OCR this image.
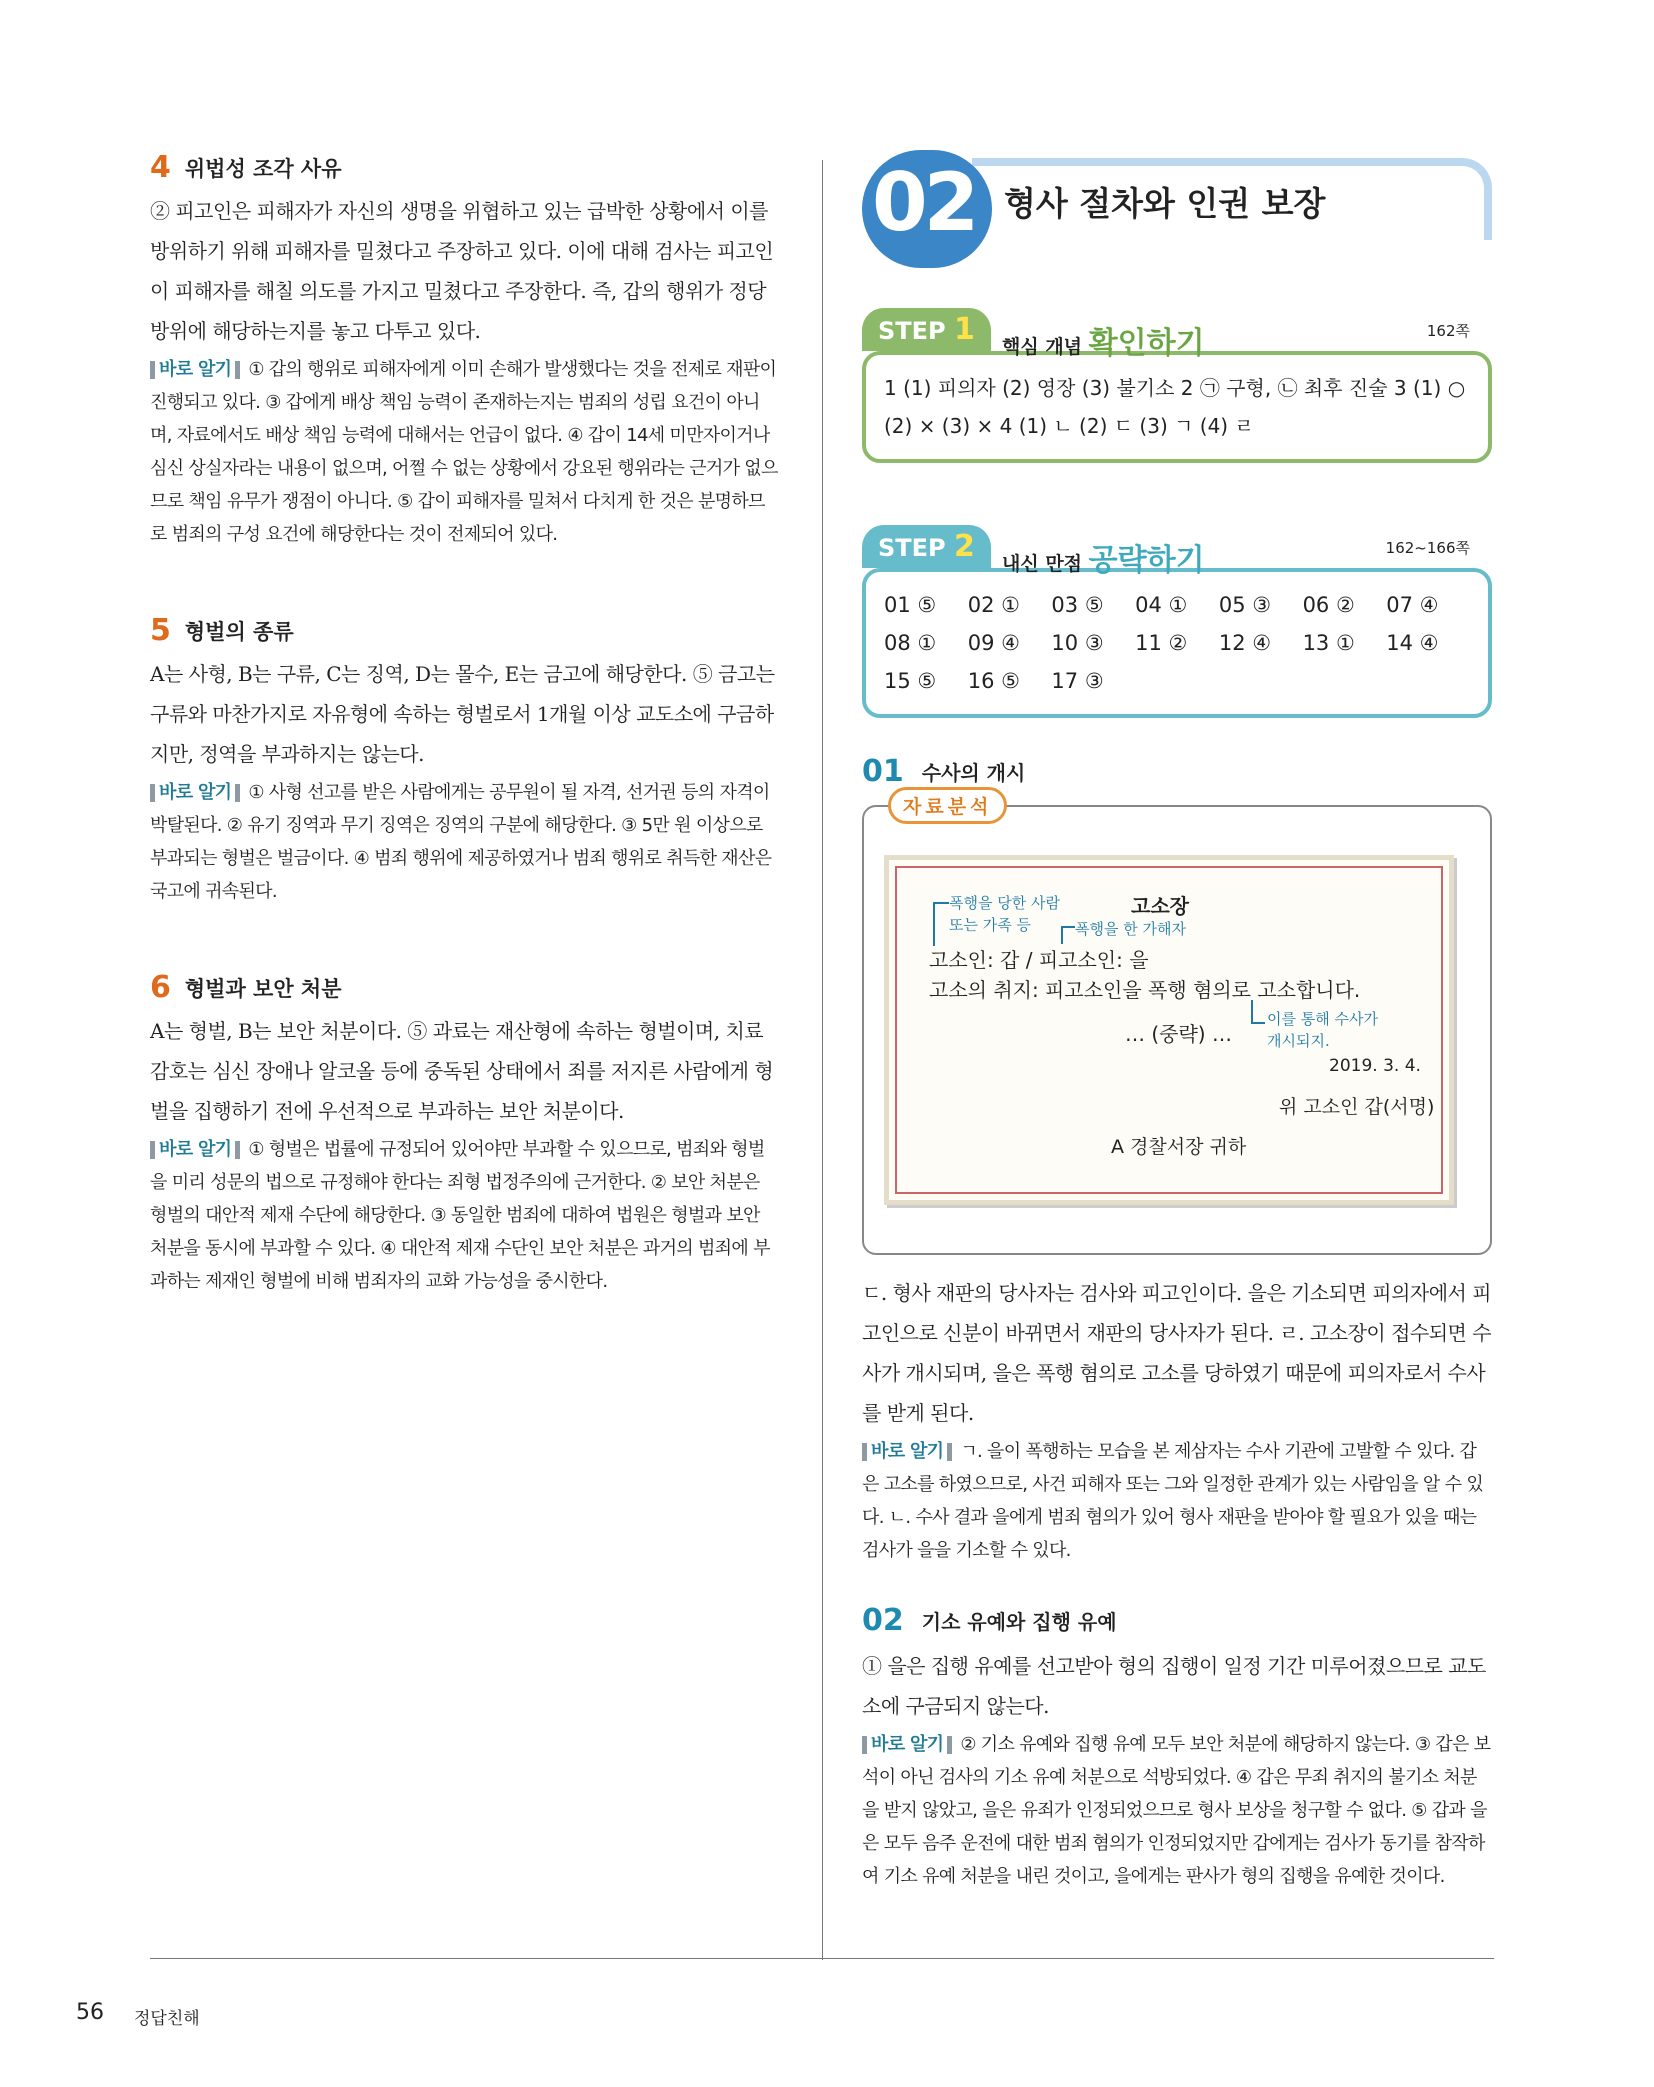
4 위법성 조각 사유

② 피고인은 피해자가 자신의 생명을 위협하고 있는 급박한 상황에서 이를 방위하기 위해 피해자를 밀쳤다고 주장하고 있다. 이에 대해 검사는 피고인이 피해자를 해칠 의도를 가지고 밀쳤다고 주장한다. 즉, 갑의 행위가 정당방위에 해당하는지를 놓고 다투고 있다.

바로 알기 ① 갑의 행위로 피해자에게 이미 손해가 발생했다는 것을 전제로 재판이 진행되고 있다. ③ 갑에게 배상 책임 능력이 존재하는지는 범죄의 성립 요건이 아니며, 자료에서도 배상 책임 능력에 대해서는 언급이 없다. ④ 갑이 14세 미만자이거나 심신 상실자라는 내용이 없으며, 어쩔 수 없는 상황에서 강요된 행위라는 근거가 없으므로 책임 유무가 쟁점이 아니다. ⑤ 갑이 피해자를 밀쳐서 다치게 한 것은 분명하므로 범죄의 구성 요건에 해당한다는 것이 전제되어 있다.

5 형벌의 종류

A는 사형, B는 구류, C는 징역, D는 몰수, E는 금고에 해당한다. ⑤ 금고는 구류와 마찬가지로 자유형에 속하는 형벌로서 1개월 이상 교도소에 구금하지만, 정역을 부과하지는 않는다.

바로 알기 ① 사형 선고를 받은 사람에게는 공무원이 될 자격, 선거권 등의 자격이 박탈된다. ② 유기 징역과 무기 징역은 징역의 구분에 해당한다. ③ 5만 원 이상으로 부과되는 형벌은 벌금이다. ④ 범죄 행위에 제공하였거나 범죄 행위로 취득한 재산은 국고에 귀속된다.

6 형벌과 보안 처분

A는 형벌, B는 보안 처분이다. ⑤ 과료는 재산형에 속하는 형벌이며, 치료 감호는 심신 장애나 알코올 등에 중독된 상태에서 죄를 저지른 사람에게 형벌을 집행하기 전에 우선적으로 부과하는 보안 처분이다.

바로 알기 ① 형벌은 법률에 규정되어 있어야만 부과할 수 있으므로, 범죄와 형벌을 미리 성문의 법으로 규정해야 한다는 죄형 법정주의에 근거한다. ② 보안 처분은 형벌의 대안적 제재 수단에 해당한다. ③ 동일한 범죄에 대하여 법원은 형벌과 보안 처분을 동시에 부과할 수 있다. ④ 대안적 제재 수단인 보안 처분은 과거의 범죄에 부과하는 제재인 형벌에 비해 범죄자의 교화 가능성을 중시한다.

02 형사 절차와 인권 보장
STEP 1 핵심 개념 확인하기	162쪽
1 (1) 피의자 (2) 영장 (3) 불기소 2 ㉠ 구형, ㉡ 최후 진술 3 (1) ○
(2) × (3) × 4 (1) ㄴ (2) ㄷ (3) ㄱ (4) ㄹ
STEP 2 내신 만점 공략하기	162~166쪽
01 ⑤	02 ①	03 ⑤	04 ①	05 ③	06 ②	07 ④
08 ①	09 ④	10 ③	11 ②	12 ④	13 ①	14 ④
15 ⑤	16 ⑤	17 ③
01 수사의 개시
자료분석
폭행을 당한 사람
또는 가족 등
고소장
폭행을 한 가해자
고소인: 갑 / 피고소인: 을
고소의 취지: 피고소인을 폭행 혐의로 고소합니다.
이를 통해 수사가
개시되지.
… (중략) …
2019. 3. 4.
위 고소인 갑(서명)
A 경찰서장 귀하

ㄷ. 형사 재판의 당사자는 검사와 피고인이다. 을은 기소되면 피의자에서 피고인으로 신분이 바뀌면서 재판의 당사자가 된다. ㄹ. 고소장이 접수되면 수사가 개시되며, 을은 폭행 혐의로 고소를 당하였기 때문에 피의자로서 수사를 받게 된다.

바로 알기 ㄱ. 을이 폭행하는 모습을 본 제삼자는 수사 기관에 고발할 수 있다. 갑은 고소를 하였으므로, 사건 피해자 또는 그와 일정한 관계가 있는 사람임을 알 수 있다. ㄴ. 수사 결과 을에게 범죄 혐의가 있어 형사 재판을 받아야 할 필요가 있을 때는 검사가 을을 기소할 수 있다.

02 기소 유예와 집행 유예

① 을은 집행 유예를 선고받아 형의 집행이 일정 기간 미루어졌으므로 교도소에 구금되지 않는다.

바로 알기 ② 기소 유예와 집행 유예 모두 보안 처분에 해당하지 않는다. ③ 갑은 보석이 아닌 검사의 기소 유예 처분으로 석방되었다. ④ 갑은 무죄 취지의 불기소 처분을 받지 않았고, 을은 유죄가 인정되었으므로 형사 보상을 청구할 수 없다. ⑤ 갑과 을은 모두 음주 운전에 대한 범죄 혐의가 인정되었지만 갑에게는 검사가 동기를 참작하여 기소 유예 처분을 내린 것이고, 을에게는 판사가 형의 집행을 유예한 것이다.

56 정답친해
